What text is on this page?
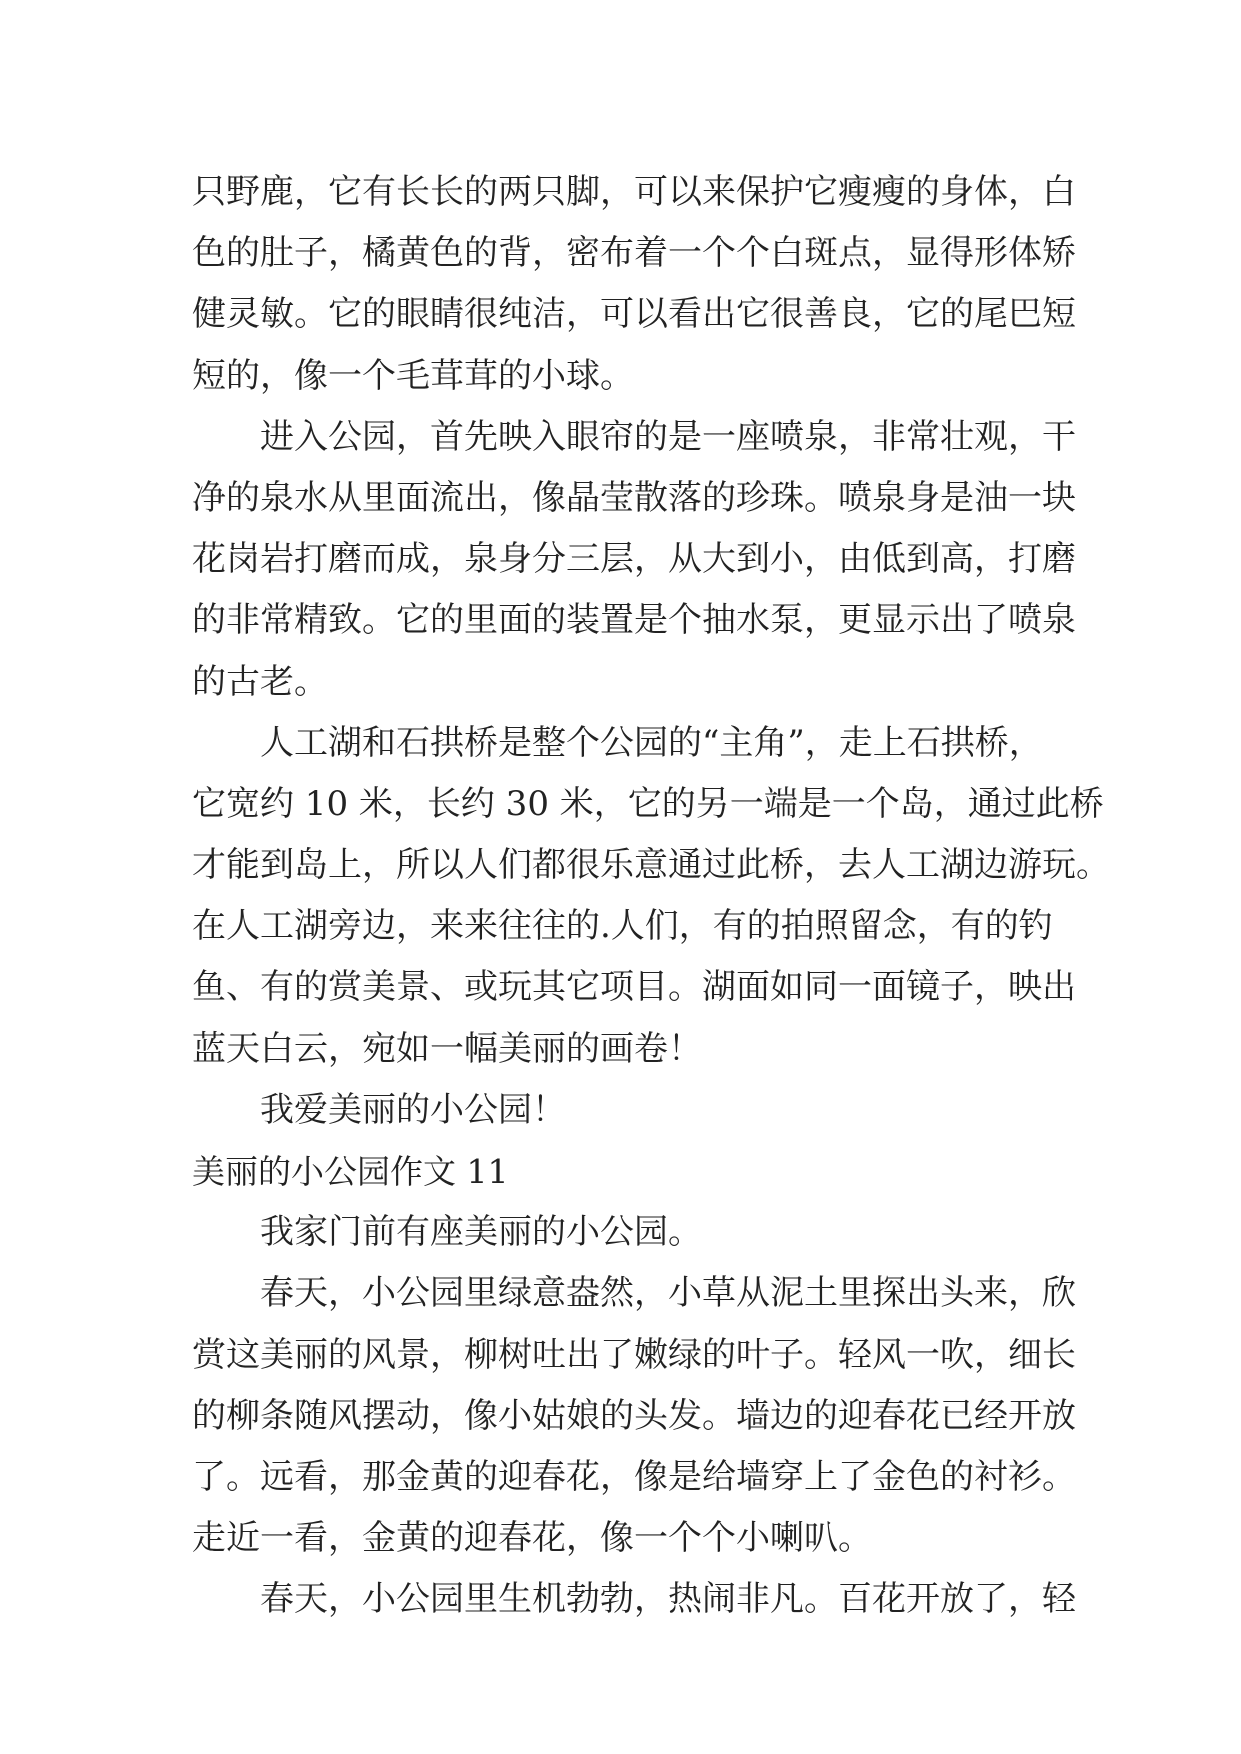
只野鹿，它有长长的两只脚，可以来保护它瘦瘦的身体，白
色的肚子，橘黄色的背，密布着一个个白斑点，显得形体矫
健灵敏。它的眼睛很纯洁，可以看出它很善良，它的尾巴短
短的，像一个毛茸茸的小球。
进入公园，首先映入眼帘的是一座喷泉，非常壮观，干
净的泉水从里面流出，像晶莹散落的珍珠。喷泉身是油一块
花岗岩打磨而成，泉身分三层，从大到小，由低到高，打磨
的非常精致。它的里面的装置是个抽水泵，更显示出了喷泉
的古老。
人工湖和石拱桥是整个公园的“主角”，走上石拱桥，
它宽约 10 米，长约 30 米，它的另一端是一个岛，通过此桥
才能到岛上，所以人们都很乐意通过此桥，去人工湖边游玩。
在人工湖旁边，来来往往的.人们，有的拍照留念，有的钓
鱼、有的赏美景、或玩其它项目。湖面如同一面镜子，映出
蓝天白云，宛如一幅美丽的画卷！
我爱美丽的小公园！
美丽的小公园作文 11
我家门前有座美丽的小公园。
春天，小公园里绿意盎然，小草从泥土里探出头来，欣
赏这美丽的风景，柳树吐出了嫩绿的叶子。轻风一吹，细长
的柳条随风摆动，像小姑娘的头发。墙边的迎春花已经开放
了。远看，那金黄的迎春花，像是给墙穿上了金色的衬衫。
走近一看，金黄的迎春花，像一个个小喇叭。
春天，小公园里生机勃勃，热闹非凡。百花开放了，轻
